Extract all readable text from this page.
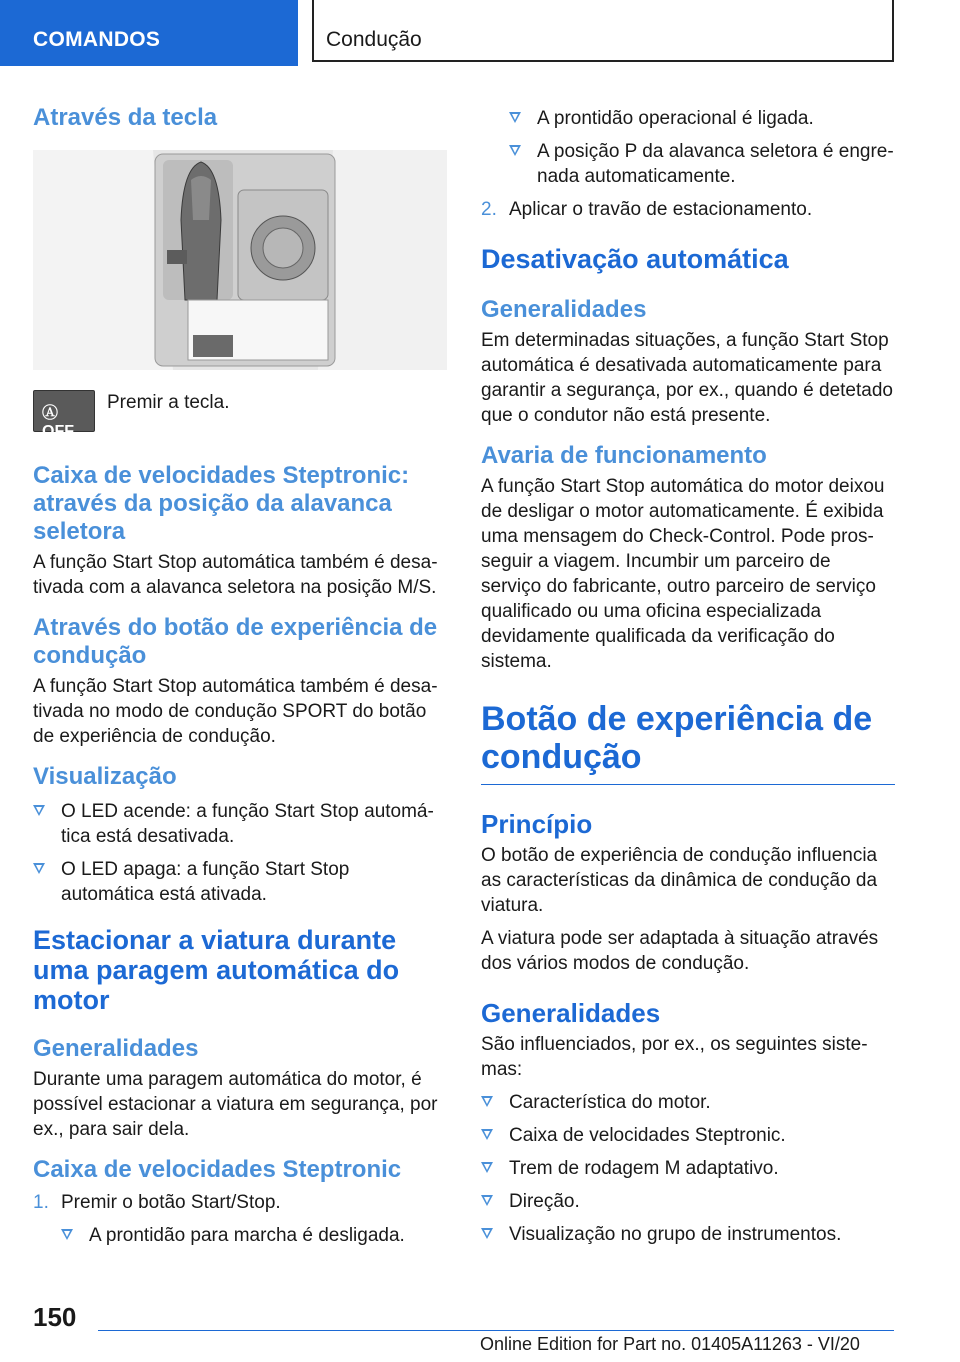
COMANDOS	Condução
Através da tecla
Ⓐ OFF

Premir a tecla.

Caixa de velocidades Steptronic: através da posição da alavanca seletora

A função Start Stop automática também é desativada com a alavanca seletora na posição M/S.

Através do botão de experiência de condução

A função Start Stop automática também é desativada no modo de condução SPORT do botão de experiência de condução.

Visualização
O LED acende: a função Start Stop automática está desativada.
O LED apaga: a função Start Stop automática está ativada.
Estacionar a viatura durante uma paragem automática do motor
Generalidades

Durante uma paragem automática do motor, é possível estacionar a viatura em segurança, por ex., para sair dela.

Caixa de velocidades Steptronic
1. Premir o botão Start/Stop.
A prontidão para marcha é desligada.
A prontidão operacional é ligada.
A posição P da alavanca seletora é engrenada automaticamente.
2. Aplicar o travão de estacionamento.
Desativação automática
Generalidades

Em determinadas situações, a função Start Stop automática é desativada automaticamente para garantir a segurança, por ex., quando é detetado que o condutor não está presente.

Avaria de funcionamento

A função Start Stop automática do motor deixou de desligar o motor automaticamente. É exibida uma mensagem do Check-Control. Pode prosseguir a viagem. Incumbir um parceiro de serviço do fabricante, outro parceiro de serviço qualificado ou uma oficina especializada devidamente qualificada da verificação do sistema.

Botão de experiência de condução
Princípio

O botão de experiência de condução influencia as características da dinâmica de condução da viatura.

A viatura pode ser adaptada à situação através dos vários modos de condução.

Generalidades

São influenciados, por ex., os seguintes sistemas:

Característica do motor.
Caixa de velocidades Steptronic.
Trem de rodagem M adaptativo.
Direção.
Visualização no grupo de instrumentos.
150
Online Edition for Part no. 01405A11263 - VI/20
